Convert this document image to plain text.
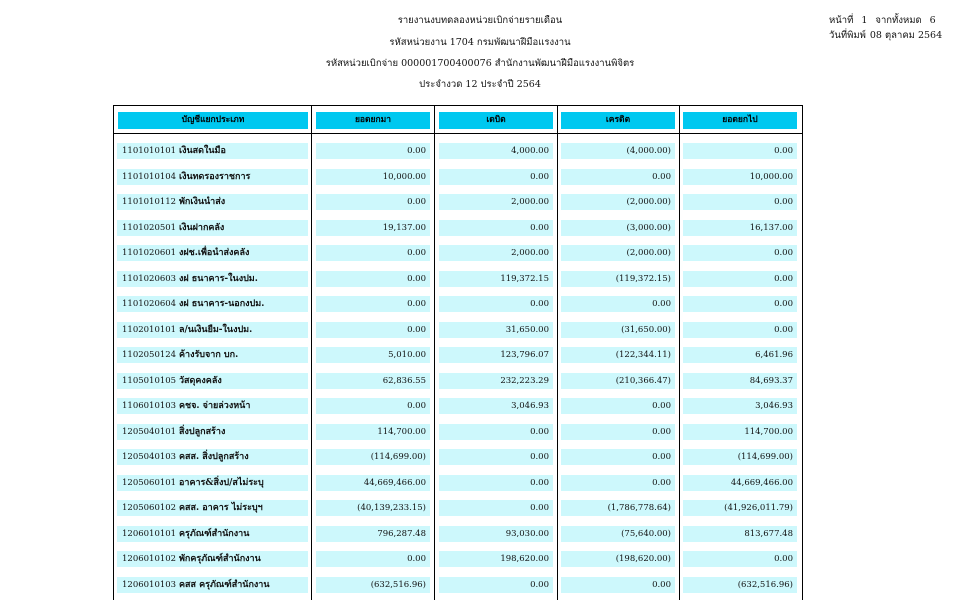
รายงานงบทดลองหน่วยเบิกจ่ายรายเดือน
รหัสหน่วยงาน 1704 กรมพัฒนาฝีมือแรงงาน
รหัสหน่วยเบิกจ่าย 000001700400076 สำนักงานพัฒนาฝีมือแรงงานพิจิตร
ประจำงวด 12 ประจำปี 2564
หน้าที่ 1 จากทั้งหมด 6
วันที่พิมพ์ 08 ตุลาคม 2564
บัญชีแยกประเภท	ยอดยกมา	เดบิต	เครดิต	ยอดยกไป
1101010101 เงินสดในมือ	0.00	4,000.00	(4,000.00)	0.00
1101010104 เงินทดรองราชการ	10,000.00	0.00	0.00	10,000.00
1101010112 พักเงินนำส่ง	0.00	2,000.00	(2,000.00)	0.00
1101020501 เงินฝากคลัง	19,137.00	0.00	(3,000.00)	16,137.00
1101020601 งฝช.เพื่อนำส่งคลัง	0.00	2,000.00	(2,000.00)	0.00
1101020603 งฝ ธนาคาร-ในงปม.	0.00	119,372.15	(119,372.15)	0.00
1101020604 งฝ ธนาคาร-นอกงปม.	0.00	0.00	0.00	0.00
1102010101 ล/นเงินยืม-ในงปม.	0.00	31,650.00	(31,650.00)	0.00
1102050124 ค้างรับจาก บก.	5,010.00	123,796.07	(122,344.11)	6,461.96
1105010105 วัสดุคงคลัง	62,836.55	232,223.29	(210,366.47)	84,693.37
1106010103 คชจ. จ่ายล่วงหน้า	0.00	3,046.93	0.00	3,046.93
1205040101 สิ่งปลูกสร้าง	114,700.00	0.00	0.00	114,700.00
1205040103 คสส. สิ่งปลูกสร้าง	(114,699.00)	0.00	0.00	(114,699.00)
1205060101 อาคาร&สิ่งป/สไม่ระบุ	44,669,466.00	0.00	0.00	44,669,466.00
1205060102 คสส. อาคาร ไม่ระบุฯ	(40,139,233.15)	0.00	(1,786,778.64)	(41,926,011.79)
1206010101 ครุภัณฑ์สำนักงาน	796,287.48	93,030.00	(75,640.00)	813,677.48
1206010102 พักครุภัณฑ์สำนักงาน	0.00	198,620.00	(198,620.00)	0.00
1206010103 คสส ครุภัณฑ์สำนักงาน	(632,516.96)	0.00	0.00	(632,516.96)
